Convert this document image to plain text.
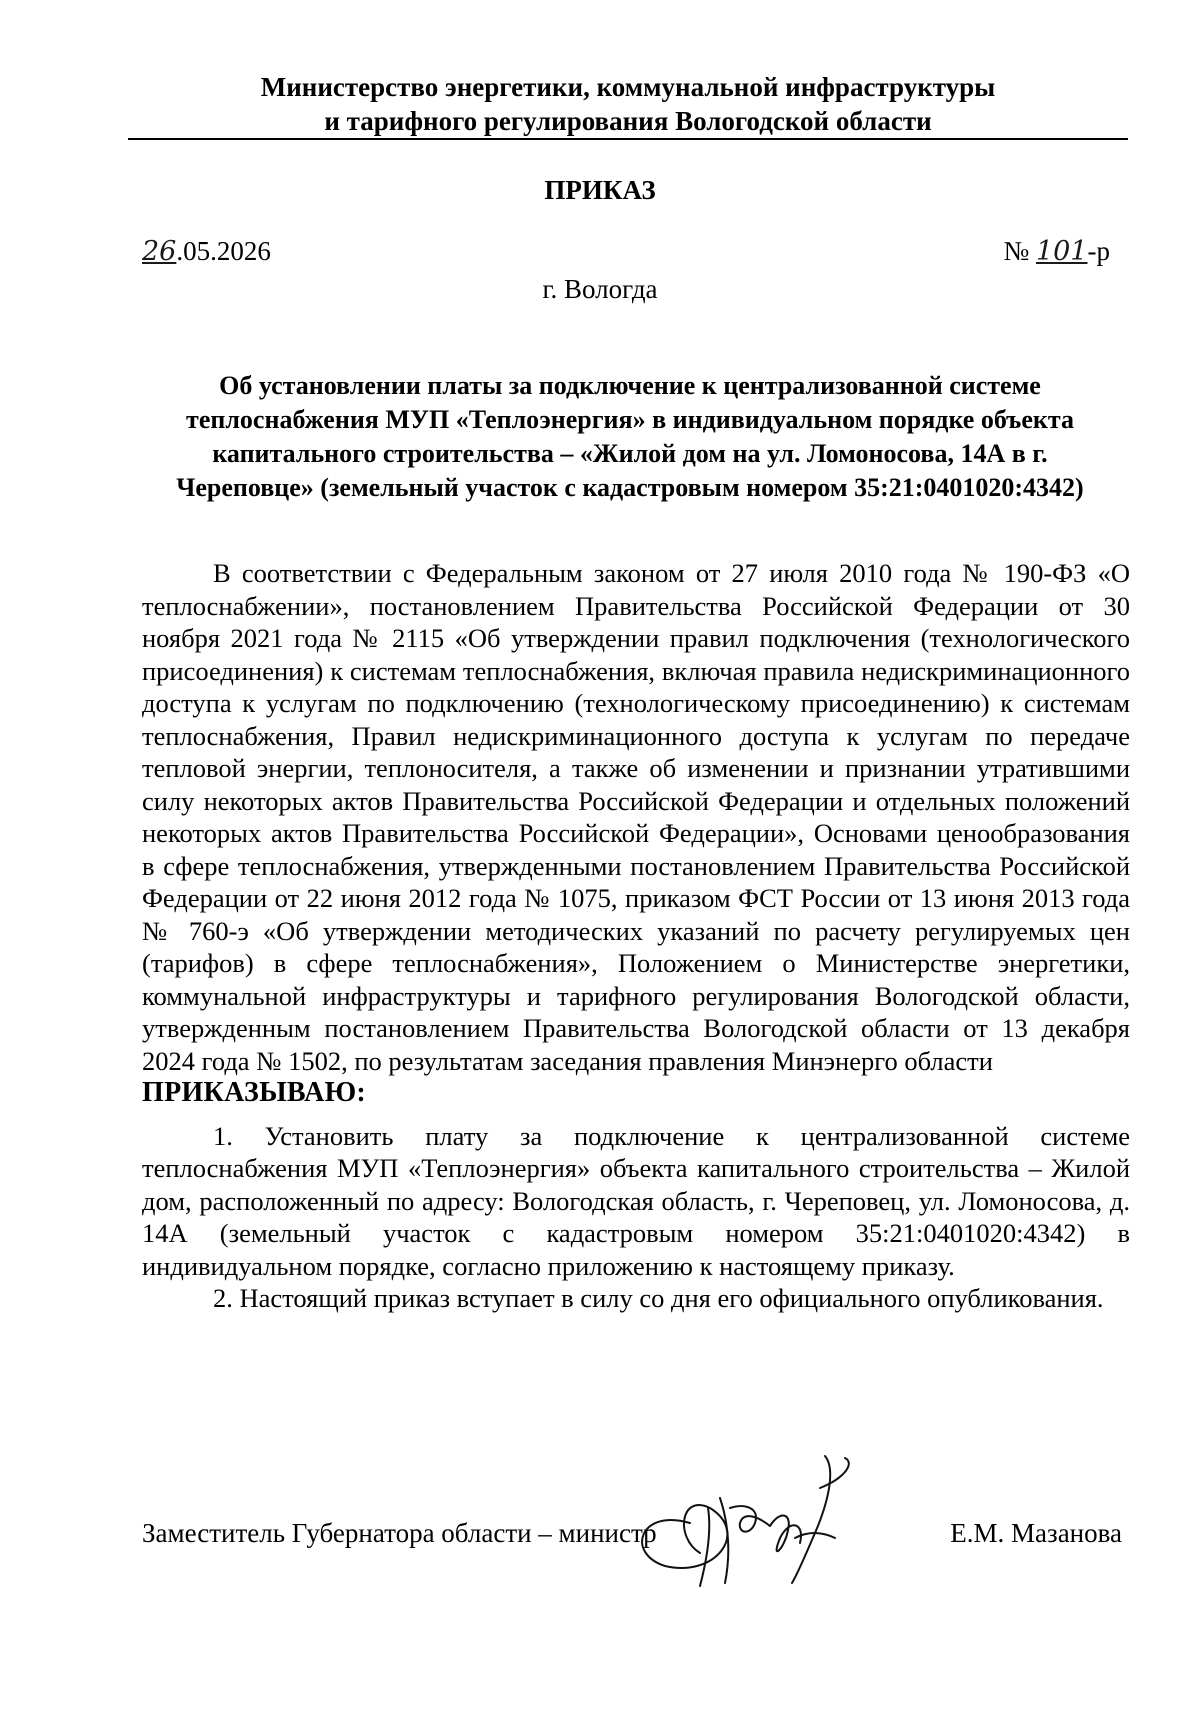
Министерство энергетики, коммунальной инфраструктуры
и тарифного регулирования Вологодской области
ПРИКАЗ
26.05.2026	№ 101-р
г. Вологда
Об установлении платы за подключение к централизованной системе теплоснабжения МУП «Теплоэнергия» в индивидуальном порядке объекта капитального строительства – «Жилой дом на ул. Ломоносова, 14А в г. Череповце» (земельный участок с кадастровым номером 35:21:0401020:4342)

В соответствии с Федеральным законом от 27 июля 2010 года № 190-ФЗ «О теплоснабжении», постановлением Правительства Российской Федерации от 30 ноября 2021 года № 2115 «Об утверждении правил подключения (технологического присоединения) к системам теплоснабжения, включая правила недискриминационного доступа к услугам по подключению (технологическому присоединению) к системам теплоснабжения, Правил недискриминационного доступа к услугам по передаче тепловой энергии, теплоносителя, а также об изменении и признании утратившими силу некоторых актов Правительства Российской Федерации и отдельных положений некоторых актов Правительства Российской Федерации», Основами ценообразования в сфере теплоснабжения, утвержденными постановлением Правительства Российской Федерации от 22 июня 2012 года № 1075, приказом ФСТ России от 13 июня 2013 года № 760-э «Об утверждении методических указаний по расчету регулируемых цен (тарифов) в сфере теплоснабжения», Положением о Министерстве энергетики, коммунальной инфраструктуры и тарифного регулирования Вологодской области, утвержденным постановлением Правительства Вологодской области от 13 декабря 2024 года № 1502, по результатам заседания правления Минэнерго области

ПРИКАЗЫВАЮ:

1. Установить плату за подключение к централизованной системе теплоснабжения МУП «Теплоэнергия» объекта капитального строительства – Жилой дом, расположенный по адресу: Вологодская область, г. Череповец, ул. Ломоносова, д. 14А (земельный участок с кадастровым номером 35:21:0401020:4342) в индивидуальном порядке, согласно приложению к настоящему приказу.

2. Настоящий приказ вступает в силу со дня его официального опубликования.

Заместитель Губернатора области – министр	Е.М. Мазанова
